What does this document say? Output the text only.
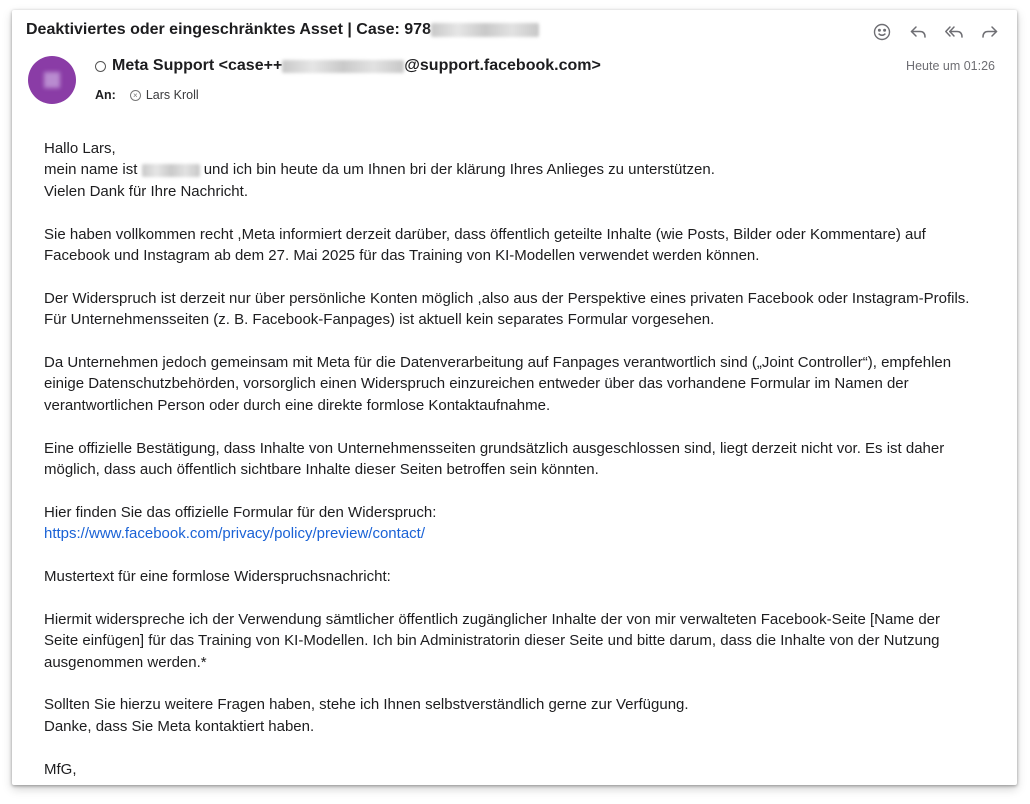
Deaktiviertes oder eingeschränktes Asset | Case: 978
Meta Support <case++	@support.facebook.com>
An:	× Lars Kroll
Heute um 01:26

Hallo Lars,
mein name ist	und ich bin heute da um Ihnen bri der klärung Ihres Anlieges zu unterstützen.
Vielen Dank für Ihre Nachricht.

Sie haben vollkommen recht ,Meta informiert derzeit darüber, dass öffentlich geteilte Inhalte (wie Posts, Bilder oder Kommentare) auf Facebook und Instagram ab dem 27. Mai 2025 für das Training von KI-Modellen verwendet werden können.

Der Widerspruch ist derzeit nur über persönliche Konten möglich ,also aus der Perspektive eines privaten Facebook oder Instagram-Profils. Für Unternehmensseiten (z. B. Facebook-Fanpages) ist aktuell kein separates Formular vorgesehen.

Da Unternehmen jedoch gemeinsam mit Meta für die Datenverarbeitung auf Fanpages verantwortlich sind („Joint Controller“), empfehlen einige Datenschutzbehörden, vorsorglich einen Widerspruch einzureichen entweder über das vorhandene Formular im Namen der verantwortlichen Person oder durch eine direkte formlose Kontaktaufnahme.

Eine offizielle Bestätigung, dass Inhalte von Unternehmensseiten grundsätzlich ausgeschlossen sind, liegt derzeit nicht vor. Es ist daher möglich, dass auch öffentlich sichtbare Inhalte dieser Seiten betroffen sein könnten.

Hier finden Sie das offizielle Formular für den Widerspruch:
https://www.facebook.com/privacy/policy/preview/contact/

Mustertext für eine formlose Widerspruchsnachricht:

Hiermit widerspreche ich der Verwendung sämtlicher öffentlich zugänglicher Inhalte der von mir verwalteten Facebook-Seite [Name der Seite einfügen] für das Training von KI-Modellen. Ich bin Administratorin dieser Seite und bitte darum, dass die Inhalte von der Nutzung ausgenommen werden.*

Sollten Sie hierzu weitere Fragen haben, stehe ich Ihnen selbstverständlich gerne zur Verfügung.
Danke, dass Sie Meta kontaktiert haben.

MfG,
